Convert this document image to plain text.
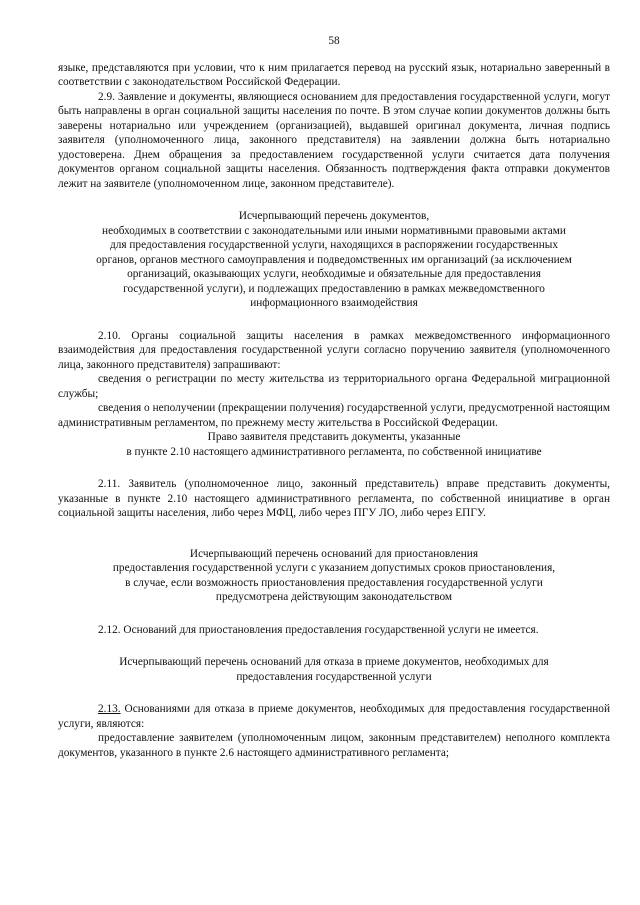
58

языке, представляются при условии, что к ним прилагается перевод на русский язык, нотариально заверенный в соответствии с законодательством Российской Федерации.

2.9. Заявление и документы, являющиеся основанием для предоставления государственной услуги, могут быть направлены в орган социальной защиты населения по почте. В этом случае копии документов должны быть заверены нотариально или учреждением (организацией), выдавшей оригинал документа, личная подпись заявителя (уполномоченного лица, законного представителя) на заявлении должна быть нотариально удостоверена. Днем обращения за предоставлением государственной услуги считается дата получения документов органом социальной защиты населения. Обязанность подтверждения факта отправки документов лежит на заявителе (уполномоченном лице, законном представителе).

Исчерпывающий перечень документов,

необходимых в соответствии с законодательными или иными нормативными правовыми актами

для предоставления государственной услуги, находящихся в распоряжении государственных

органов, органов местного самоуправления и подведомственных им организаций (за исключением

организаций, оказывающих услуги, необходимые и обязательные для предоставления

государственной услуги), и подлежащих предоставлению в рамках межведомственного

информационного взаимодействия

2.10. Органы социальной защиты населения в рамках межведомственного информационного взаимодействия для предоставления государственной услуги согласно поручению заявителя (уполномоченного лица, законного представителя) запрашивают:

сведения о регистрации по месту жительства из территориального органа Федеральной миграционной службы;

сведения о неполучении (прекращении получения) государственной услуги, предусмотренной настоящим административным регламентом, по прежнему месту жительства в Российской Федерации.

Право заявителя представить документы, указанные

в пункте 2.10 настоящего административного регламента, по собственной инициативе

2.11. Заявитель (уполномоченное лицо, законный представитель) вправе представить документы, указанные в пункте 2.10 настоящего административного регламента, по собственной инициативе в орган социальной защиты населения, либо через МФЦ, либо через ПГУ ЛО, либо через ЕПГУ.

Исчерпывающий перечень оснований для приостановления

предоставления государственной услуги с указанием допустимых сроков приостановления,

в случае, если возможность приостановления предоставления государственной услуги

предусмотрена действующим законодательством

2.12. Оснований для приостановления предоставления государственной услуги не имеется.

Исчерпывающий перечень оснований для отказа в приеме документов, необходимых для

предоставления государственной услуги

2.13. Основаниями для отказа в приеме документов, необходимых для предоставления государственной услуги, являются:

предоставление заявителем (уполномоченным лицом, законным представителем) неполного комплекта документов, указанного в пункте 2.6 настоящего административного регламента;
